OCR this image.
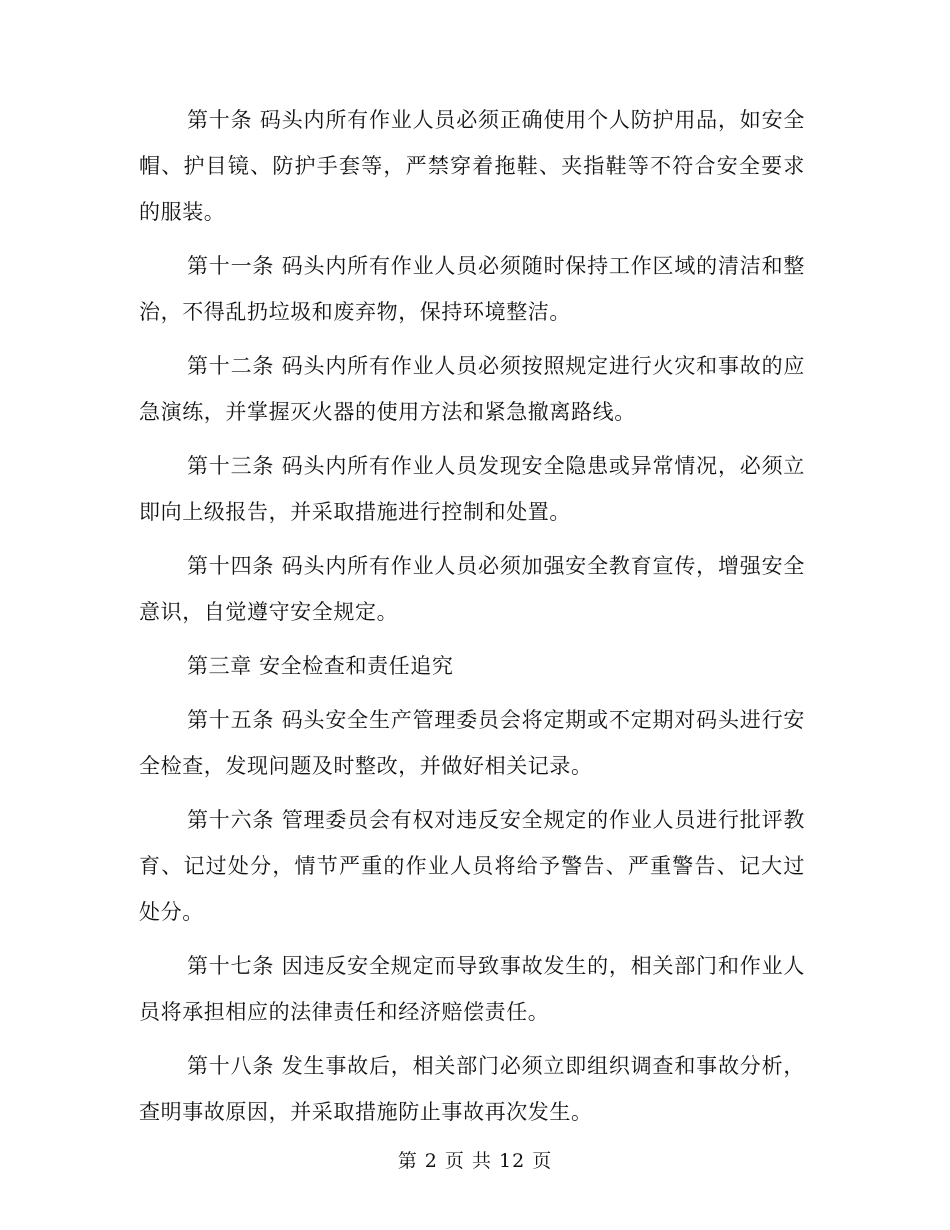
第十条 码头内所有作业人员必须正确使用个人防护用品，如安全帽、护目镜、防护手套等，严禁穿着拖鞋、夹指鞋等不符合安全要求的服装。

第十一条 码头内所有作业人员必须随时保持工作区域的清洁和整治，不得乱扔垃圾和废弃物，保持环境整洁。

第十二条 码头内所有作业人员必须按照规定进行火灾和事故的应急演练，并掌握灭火器的使用方法和紧急撤离路线。

第十三条 码头内所有作业人员发现安全隐患或异常情况，必须立即向上级报告，并采取措施进行控制和处置。

第十四条 码头内所有作业人员必须加强安全教育宣传，增强安全意识，自觉遵守安全规定。

第三章 安全检查和责任追究

第十五条 码头安全生产管理委员会将定期或不定期对码头进行安全检查，发现问题及时整改，并做好相关记录。

第十六条 管理委员会有权对违反安全规定的作业人员进行批评教育、记过处分，情节严重的作业人员将给予警告、严重警告、记大过处分。

第十七条 因违反安全规定而导致事故发生的，相关部门和作业人员将承担相应的法律责任和经济赔偿责任。

第十八条 发生事故后，相关部门必须立即组织调查和事故分析，查明事故原因，并采取措施防止事故再次发生。

第 2 页 共 12 页
